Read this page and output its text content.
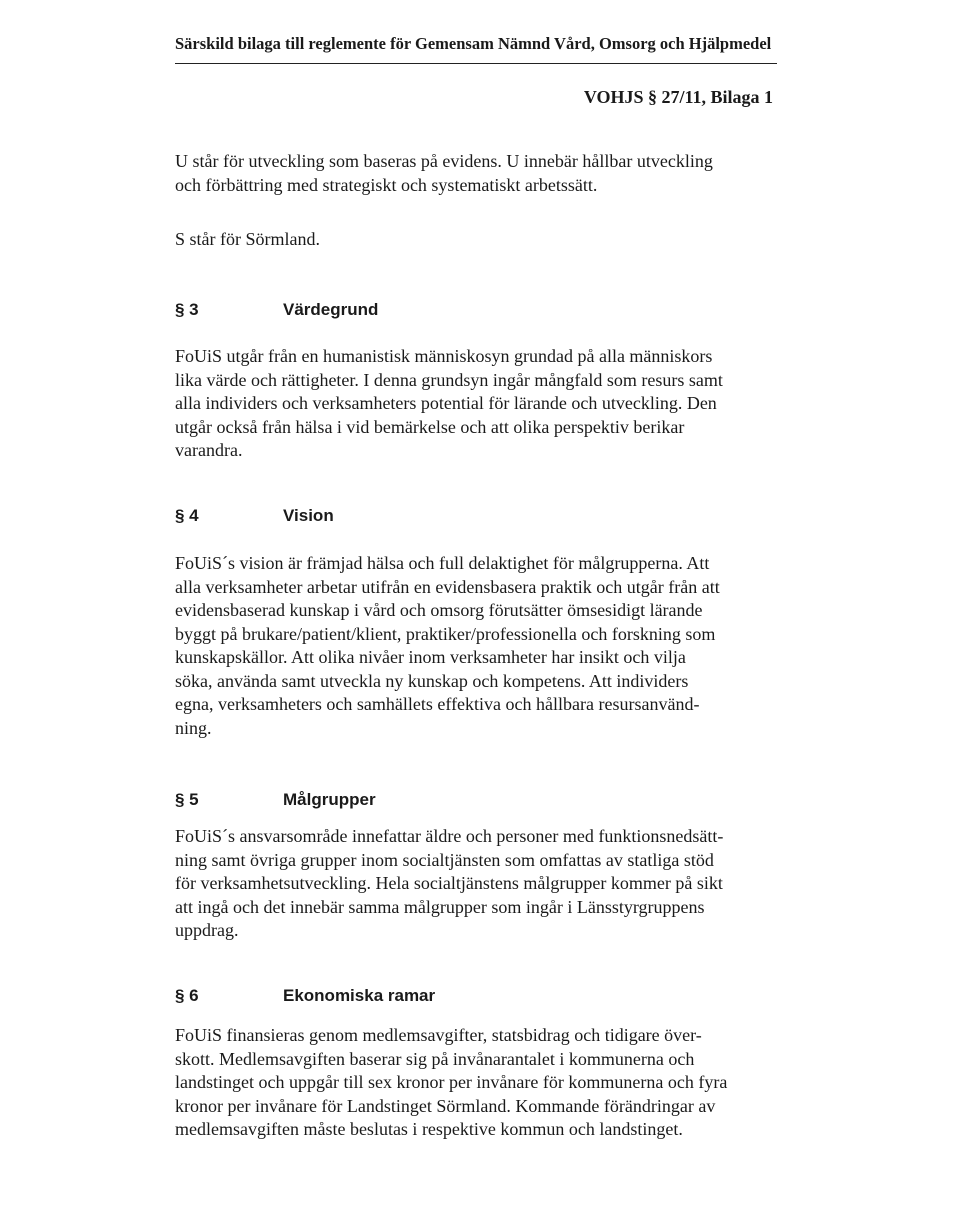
Särskild bilaga till reglemente för Gemensam Nämnd Vård, Omsorg och Hjälpmedel
VOHJS § 27/11, Bilaga 1

U står för utveckling som baseras på evidens. U innebär hållbar utveckling
och förbättring med strategiskt och systematiskt arbetssätt.

S står för Sörmland.

§ 3	Värdegrund

FoUiS utgår från en humanistisk människosyn grundad på alla människors
lika värde och rättigheter. I denna grundsyn ingår mångfald som resurs samt
alla individers och verksamheters potential för lärande och utveckling. Den
utgår också från hälsa i vid bemärkelse och att olika perspektiv berikar
varandra.

§ 4	Vision

FoUiS´s vision är främjad hälsa och full delaktighet för målgrupperna. Att
alla verksamheter arbetar utifrån en evidensbasera praktik och utgår från att
evidensbaserad kunskap i vård och omsorg förutsätter ömsesidigt lärande
byggt på brukare/patient/klient, praktiker/professionella och forskning som
kunskapskällor. Att olika nivåer inom verksamheter har insikt och vilja
söka, använda samt utveckla ny kunskap och kompetens. Att individers
egna, verksamheters och samhällets effektiva och hållbara resursanvänd-
ning.

§ 5	Målgrupper

FoUiS´s ansvarsområde innefattar äldre och personer med funktionsnedsätt-
ning samt övriga grupper inom socialtjänsten som omfattas av statliga stöd
för verksamhetsutveckling. Hela socialtjänstens målgrupper kommer på sikt
att ingå och det innebär samma målgrupper som ingår i Länsstyrgruppens
uppdrag.

§ 6	Ekonomiska ramar

FoUiS finansieras genom medlemsavgifter, statsbidrag och tidigare över-
skott. Medlemsavgiften baserar sig på invånarantalet i kommunerna och
landstinget och uppgår till sex kronor per invånare för kommunerna och fyra
kronor per invånare för Landstinget Sörmland. Kommande förändringar av
medlemsavgiften måste beslutas i respektive kommun och landstinget.
